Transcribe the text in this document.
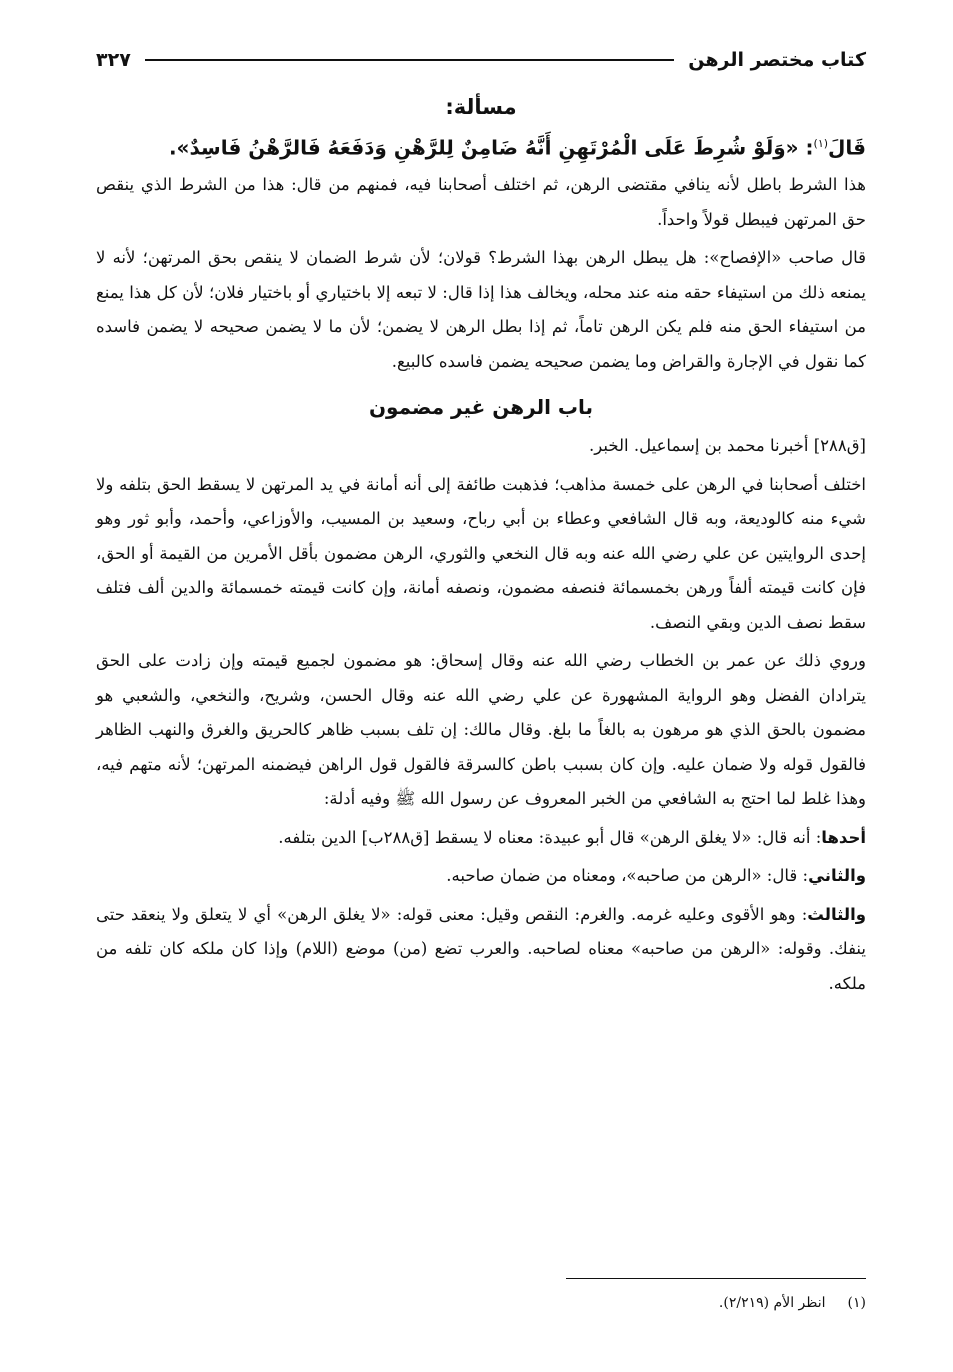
كتاب مختصر الرهن
٣٢٧
مسألة:
قَالَ$^{(١)}$: «وَلَوْ شُرِطَ عَلَى الْمُرْتَهِنِ أَنَّهُ ضَامِنٌ لِلرَّهْنِ وَدَفَعَهُ فَالرَّهْنُ فَاسِدٌ».

هذا الشرط باطل لأنه ينافي مقتضى الرهن، ثم اختلف أصحابنا فيه، فمنهم من قال: هذا من الشرط الذي ينقص حق المرتهن فيبطل قولاً واحداً.

قال صاحب «الإفصاح»: هل يبطل الرهن بهذا الشرط؟ قولان؛ لأن شرط الضمان لا ينقص بحق المرتهن؛ لأنه لا يمنعه ذلك من استيفاء حقه منه عند محله، ويخالف هذا إذا قال: لا تبعه إلا باختياري أو باختيار فلان؛ لأن كل هذا يمنع من استيفاء الحق منه فلم يكن الرهن تاماً، ثم إذا بطل الرهن لا يضمن؛ لأن ما لا يضمن صحيحه لا يضمن فاسده كما نقول في الإجارة والقراض وما يضمن صحيحه يضمن فاسده كالبيع.

باب الرهن غير مضمون

[ق٢٨٨] أخبرنا محمد بن إسماعيل. الخبر.

اختلف أصحابنا في الرهن على خمسة مذاهب؛ فذهبت طائفة إلى أنه أمانة في يد المرتهن لا يسقط الحق بتلفه ولا شيء منه كالوديعة، وبه قال الشافعي وعطاء بن أبي رباح، وسعيد بن المسيب، والأوزاعي، وأحمد، وأبو ثور وهو إحدى الروايتين عن علي رضي الله عنه وبه قال النخعي والثوري، الرهن مضمون بأقل الأمرين من القيمة أو الحق، فإن كانت قيمته ألفاً ورهن بخمسمائة فنصفه مضمون، ونصفه أمانة، وإن كانت قيمته خمسمائة والدين ألف فتلف سقط نصف الدين وبقي النصف.

وروي ذلك عن عمر بن الخطاب رضي الله عنه وقال إسحاق: هو مضمون لجميع قيمته وإن زادت على الحق يترادان الفضل وهو الرواية المشهورة عن علي رضي الله عنه وقال الحسن، وشريح، والنخعي، والشعبي هو مضمون بالحق الذي هو مرهون به بالغاً ما بلغ. وقال مالك: إن تلف بسبب ظاهر كالحريق والغرق والنهب الظاهر فالقول قوله ولا ضمان عليه. وإن كان بسبب باطن كالسرقة فالقول قول الراهن فيضمنه المرتهن؛ لأنه متهم فيه، وهذا غلط لما احتج به الشافعي من الخبر المعروف عن رسول الله ﷺ وفيه أدلة:

أحدها: أنه قال: «لا يغلق الرهن» قال أبو عبيدة: معناه لا يسقط [ق٢٨٨ب] الدين بتلفه.

والثاني: قال: «الرهن من صاحبه»، ومعناه من ضمان صاحبه.

والثالث: وهو الأقوى وعليه غرمه. والغرم: النقص وقيل: معنى قوله: «لا يغلق الرهن» أي لا يتعلق ولا ينعقد حتى ينفك. وقوله: «الرهن من صاحبه» معناه لصاحبه. والعرب تضع (من) موضع (اللام) وإذا كان ملكه كان تلفه من ملكه.

(١)انظر الأم (٢/٢١٩).
